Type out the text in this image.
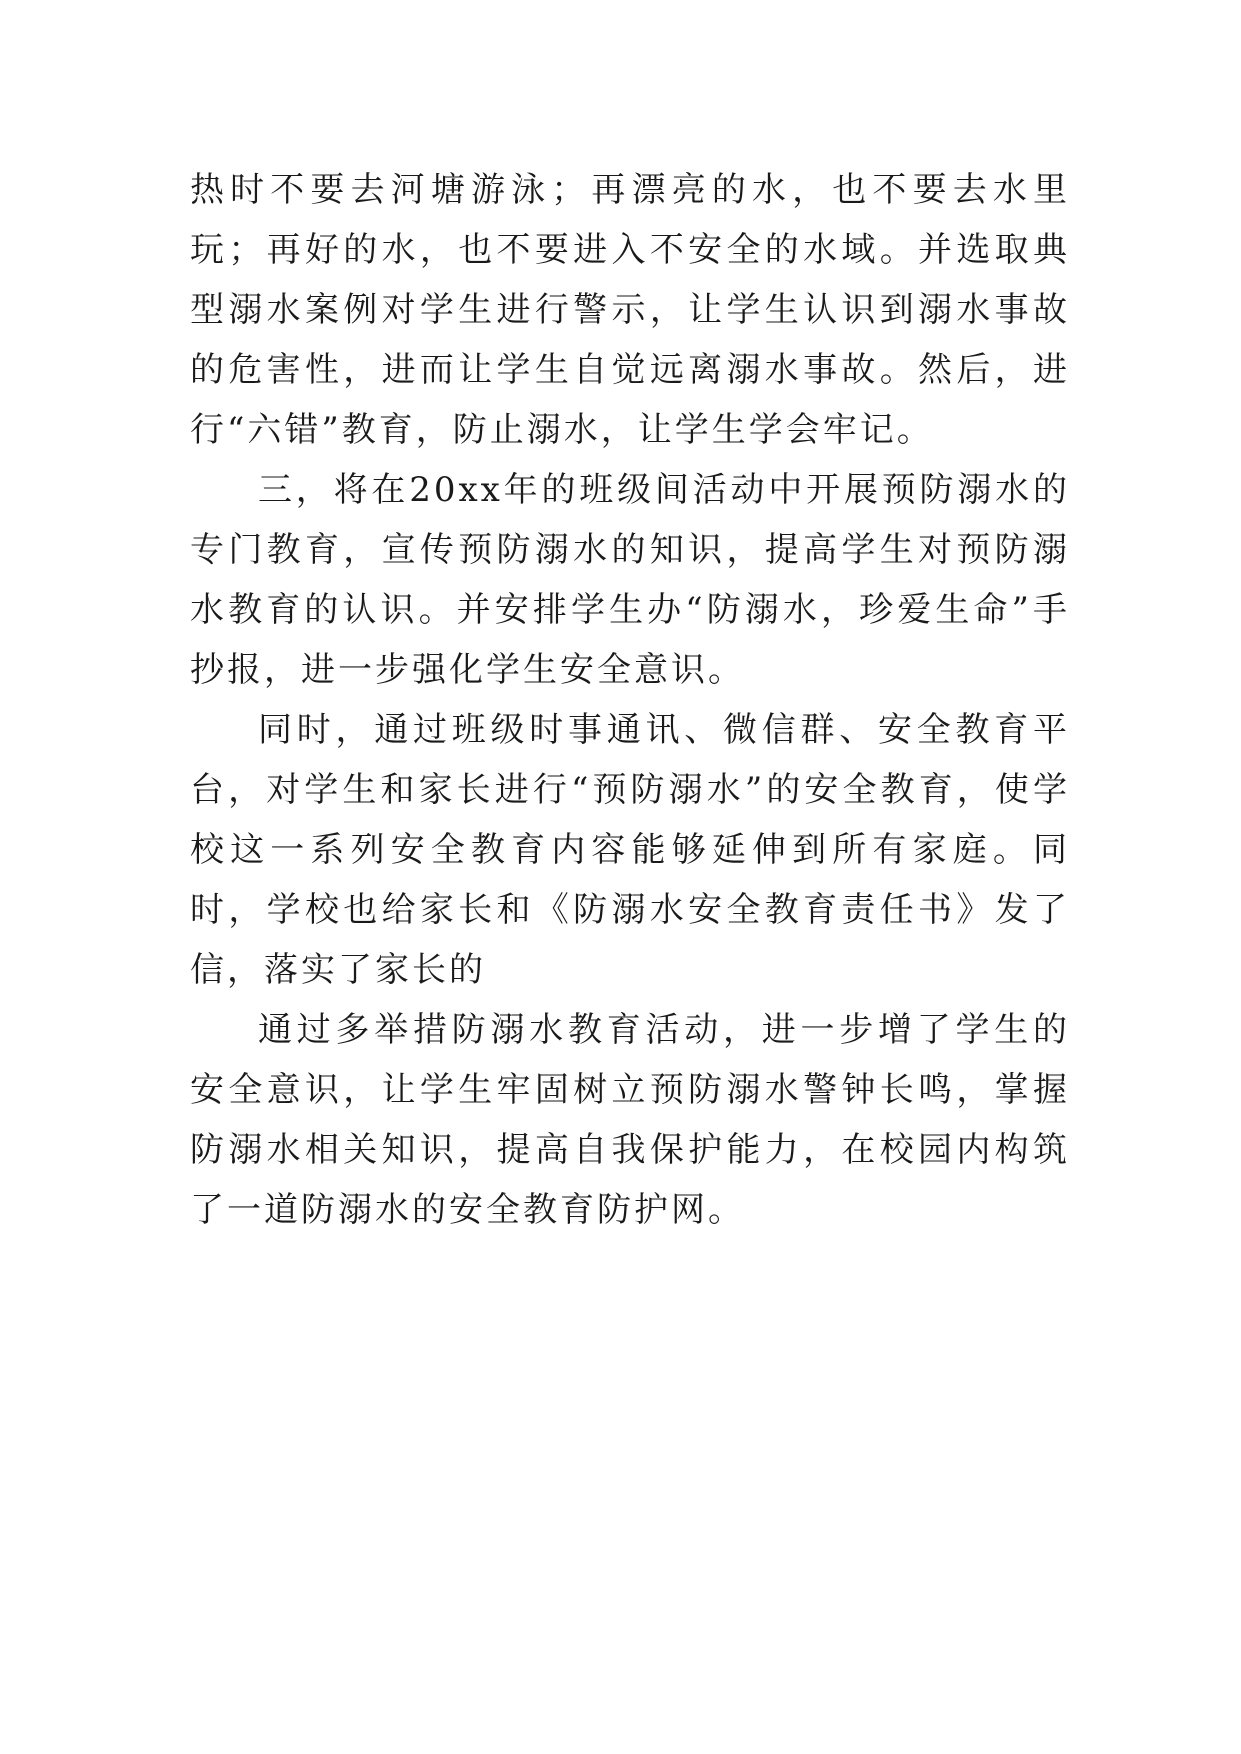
热时不要去河塘游泳；再漂亮的水，也不要去水里玩；再好的水，也不要进入不安全的水域。并选取典型溺水案例对学生进行警示，让学生认识到溺水事故的危害性，进而让学生自觉远离溺水事故。然后，进行“六错”教育，防止溺水，让学生学会牢记。

三，将在20xx年的班级间活动中开展预防溺水的专门教育，宣传预防溺水的知识，提高学生对预防溺水教育的认识。并安排学生办“防溺水，珍爱生命”手抄报，进一步强化学生安全意识。

同时，通过班级时事通讯、微信群、安全教育平台，对学生和家长进行“预防溺水”的安全教育，使学校这一系列安全教育内容能够延伸到所有家庭。同时，学校也给家长和《防溺水安全教育责任书》发了信，落实了家长的

通过多举措防溺水教育活动，进一步增了学生的安全意识，让学生牢固树立预防溺水警钟长鸣，掌握防溺水相关知识，提高自我保护能力，在校园内构筑了一道防溺水的安全教育防护网。
